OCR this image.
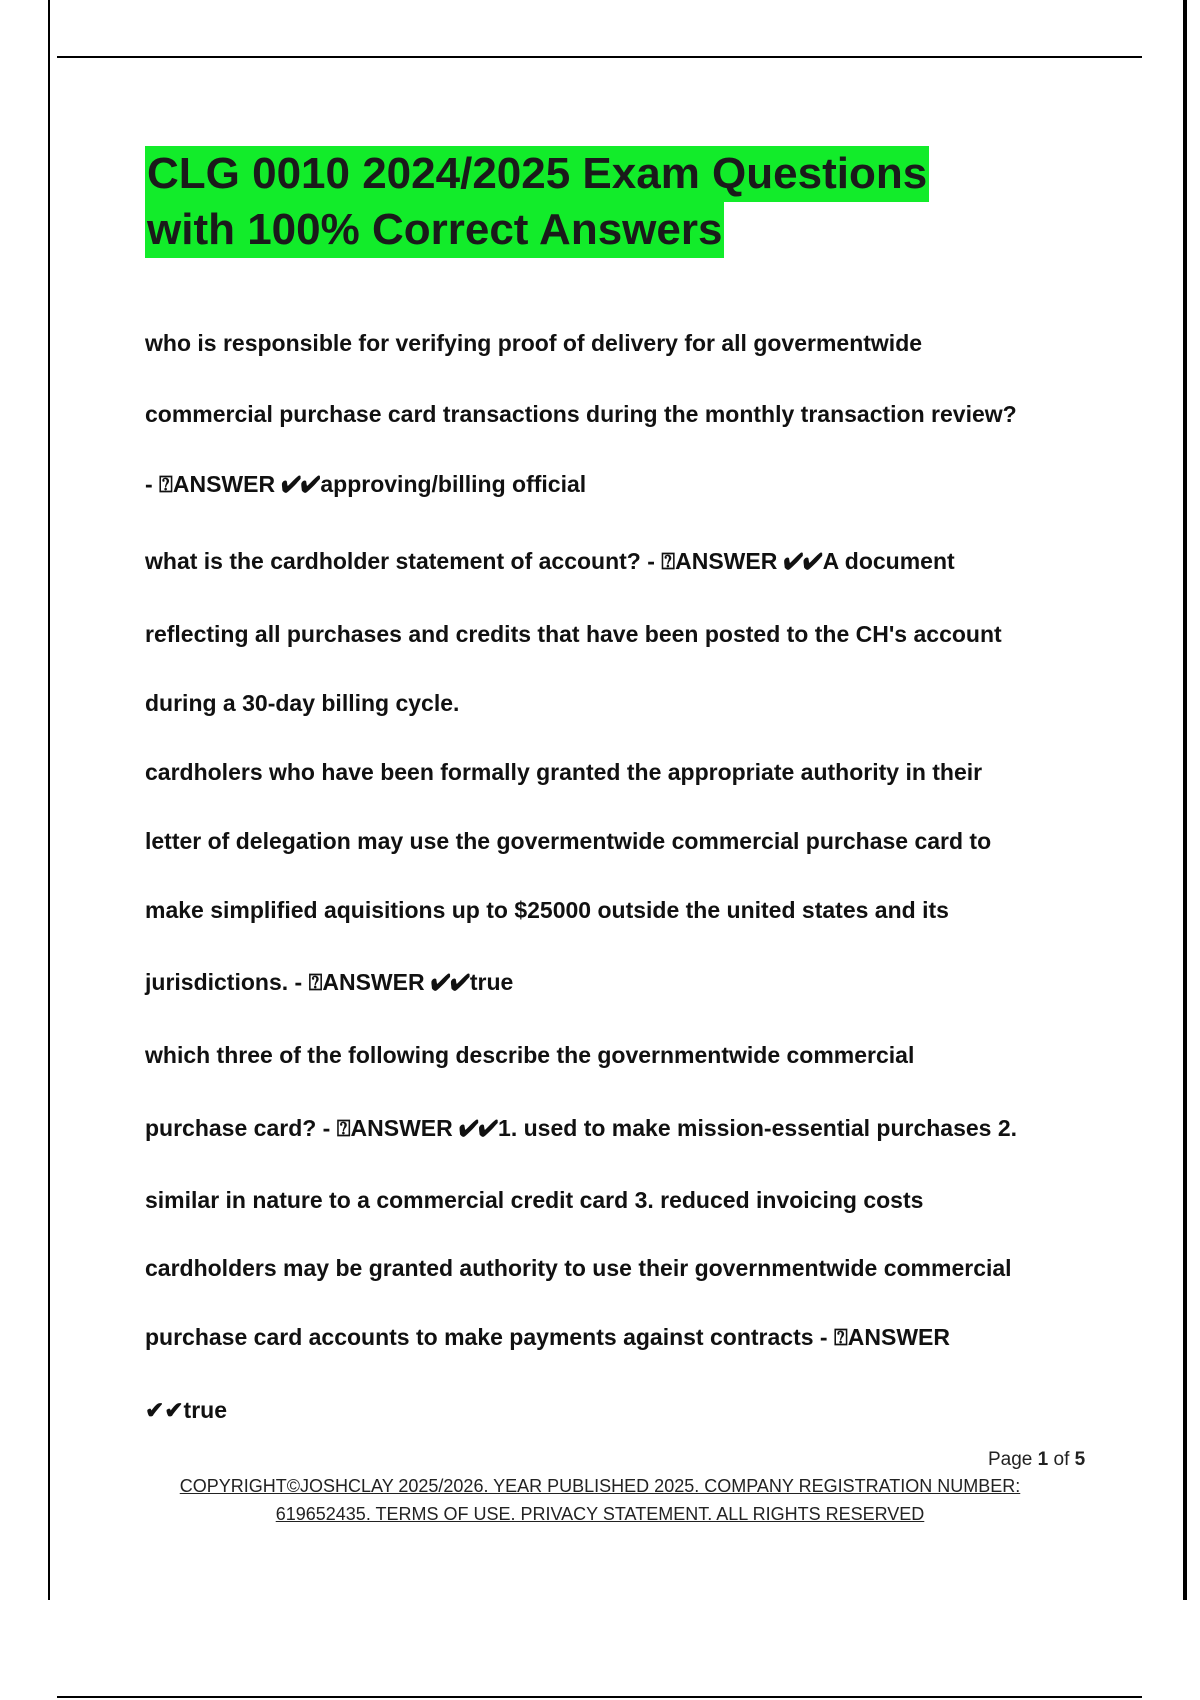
CLG 0010 2024/2025 Exam Questions
with 100% Correct Answers
who is responsible for verifying proof of delivery for all govermentwide
commercial purchase card transactions during the monthly transaction review?
- ⍰ANSWER ✔✔approving/billing official
what is the cardholder statement of account? - ⍰ANSWER ✔✔A document
reflecting all purchases and credits that have been posted to the CH's account
during a 30-day billing cycle.
cardholers who have been formally granted the appropriate authority in their
letter of delegation may use the govermentwide commercial purchase card to
make simplified aquisitions up to $25000 outside the united states and its
jurisdictions. - ⍰ANSWER ✔✔true
which three of the following describe the governmentwide commercial
purchase card? - ⍰ANSWER ✔✔1. used to make mission-essential purchases 2.
similar in nature to a commercial credit card 3. reduced invoicing costs
cardholders may be granted authority to use their governmentwide commercial
purchase card accounts to make payments against contracts - ⍰ANSWER
✔✔true
Page 1 of 5
COPYRIGHT©JOSHCLAY 2025/2026. YEAR PUBLISHED 2025. COMPANY REGISTRATION NUMBER:
619652435. TERMS OF USE. PRIVACY STATEMENT. ALL RIGHTS RESERVED
